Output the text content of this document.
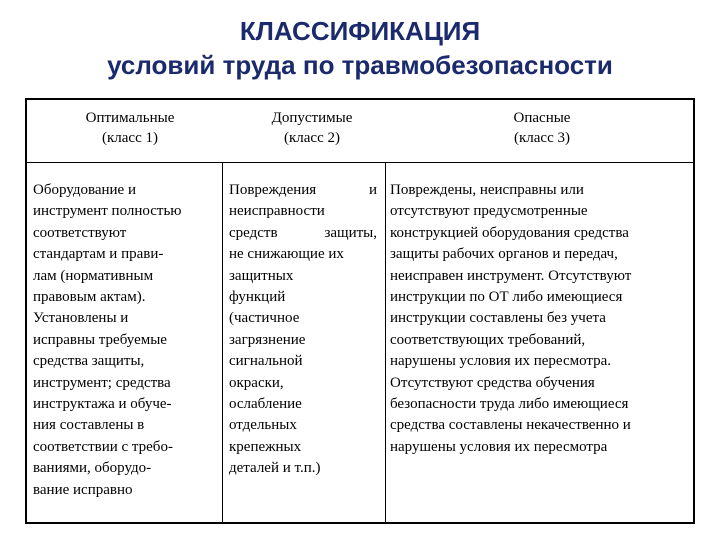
КЛАССИФИКАЦИЯ
условий труда по травмобезопасности
Оптимальные
(класс 1)
Допустимые
(класс 2)
Опасные
(класс 3)
Оборудование и
инструмент полностью
соответствуют
стандартам и прави-
лам (нормативным
правовым актам).
Установлены и
исправны требуемые
средства защиты,
инструмент; средства
инструктажа и обуче-
ния составлены в
соответствии с требо-
ваниями, оборудо-
вание исправно
Повреждения	и
неисправности
средств	защиты,
не снижающие их
защитных
функций
(частичное
загрязнение
сигнальной
окраски,
ослабление
отдельных
крепежных
деталей и т.п.)
Повреждены, неисправны или
отсутствуют предусмотренные
конструкцией оборудования средства
защиты рабочих органов и передач,
неисправен инструмент. Отсутствуют
инструкции по ОТ либо имеющиеся
инструкции составлены без учета
соответствующих требований,
нарушены условия их пересмотра.
Отсутствуют средства обучения
безопасности труда либо имеющиеся
средства составлены некачественно и
нарушены условия их пересмотра
